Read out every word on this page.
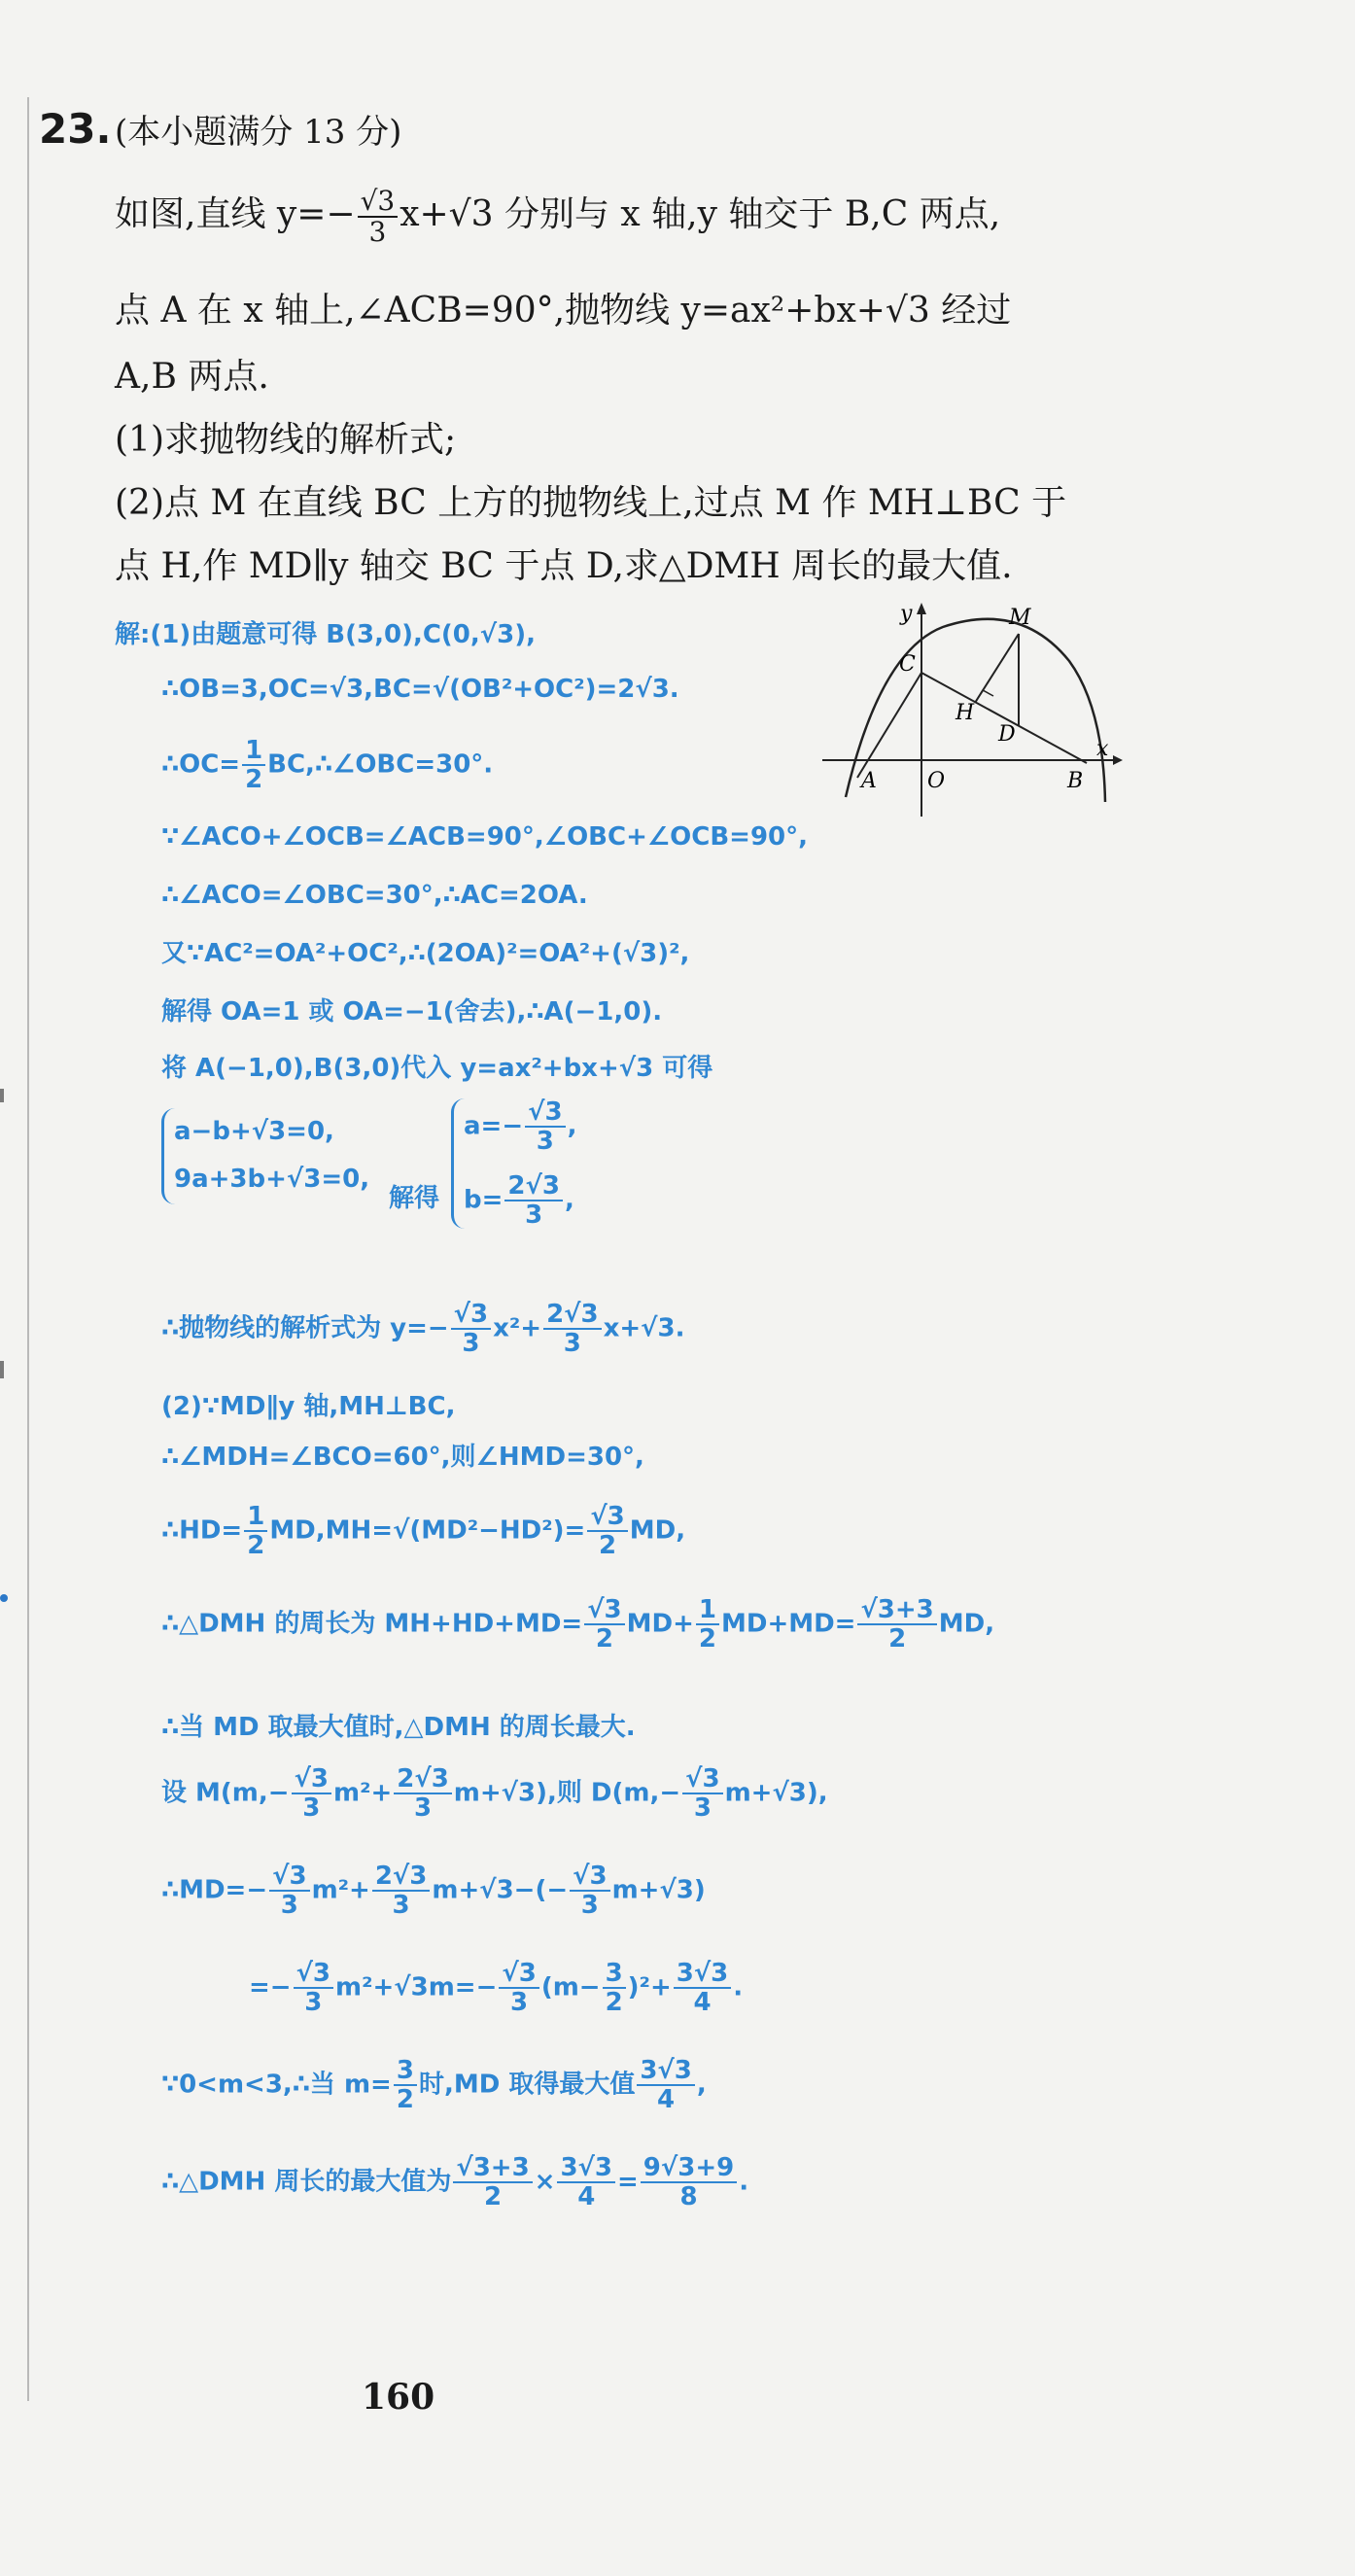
23. (本小题满分 13 分)
如图,直线 $y=- \frac{√3}{3} x+√3$ 分别与 x 轴,y 轴交于 B,C 两点,
点 A 在 x 轴上,∠ACB=90°,抛物线 y=ax²+bx+√3 经过
A,B 两点.
(1)求抛物线的解析式;
(2)点 M 在直线 BC 上方的抛物线上,过点 M 作 MH⊥BC 于
点 H,作 MD∥y 轴交 BC 于点 D,求△DMH 周长的最大值.
y
x
M
C
H
D
A O	B
解:(1)由题意可得 B(3,0),C(0,√3),
∴OB=3,OC=√3,BC=√(OB²+OC²)=2√3.
∴OC= $\frac{1}{2}$ BC,∴∠OBC=30°.
∵∠ACO+∠OCB=∠ACB=90°,∠OBC+∠OCB=90°,
∴∠ACO=∠OBC=30°,∴AC=2OA.
又∵AC²=OA²+OC²,∴(2OA)²=OA²+(√3)²,
解得 OA=1 或 OA=−1(舍去),∴A(−1,0).
将 A(−1,0),B(3,0)代入 y=ax²+bx+√3 可得
a−b+√3=0,
9a+3b+√3=0,
解得
$a=- \frac{√3}{3}$ ,
$b= \frac{2√3}{3}$ ,
∴抛物线的解析式为 $y=- \frac{√3}{3} x^2+ \frac{2√3}{3} x+√3$.
(2)∵MD∥y 轴,MH⊥BC,
∴∠MDH=∠BCO=60°,则∠HMD=30°,
∴HD= $\frac{1}{2} MD,MH=√(MD^2-HD^2)= \frac{√3}{2}$ MD,
∴△DMH 的周长为 $MH+HD+MD= \frac{√3}{2} MD+ \frac{1}{2} MD+MD= \frac{√3+3}{2}$ MD,
∴当 MD 取最大值时,△DMH 的周长最大.
设 $M(m,- \frac{√3}{3} m^2+ \frac{2√3}{3} m+√3)$,则 $D(m,- \frac{√3}{3} m+√3)$,
∴MD=− $\frac{√3}{3} m^2+ \frac{2√3}{3} m+√3-(- \frac{√3}{3} m+√3)$
=− $\frac{√3}{3} m^2+√3m=- \frac{√3}{3} (m- \frac{3}{2} )^2+ \frac{3√3}{4}$ .
∵0<m<3,∴当 $m= \frac{3}{2}$ 时,MD 取得最大值 $\frac{3√3}{4}$ ,
∴△DMH 周长的最大值为 $\frac{√3+3}{2} \times \frac{3√3}{4} = \frac{9√3+9}{8}$ .
160
